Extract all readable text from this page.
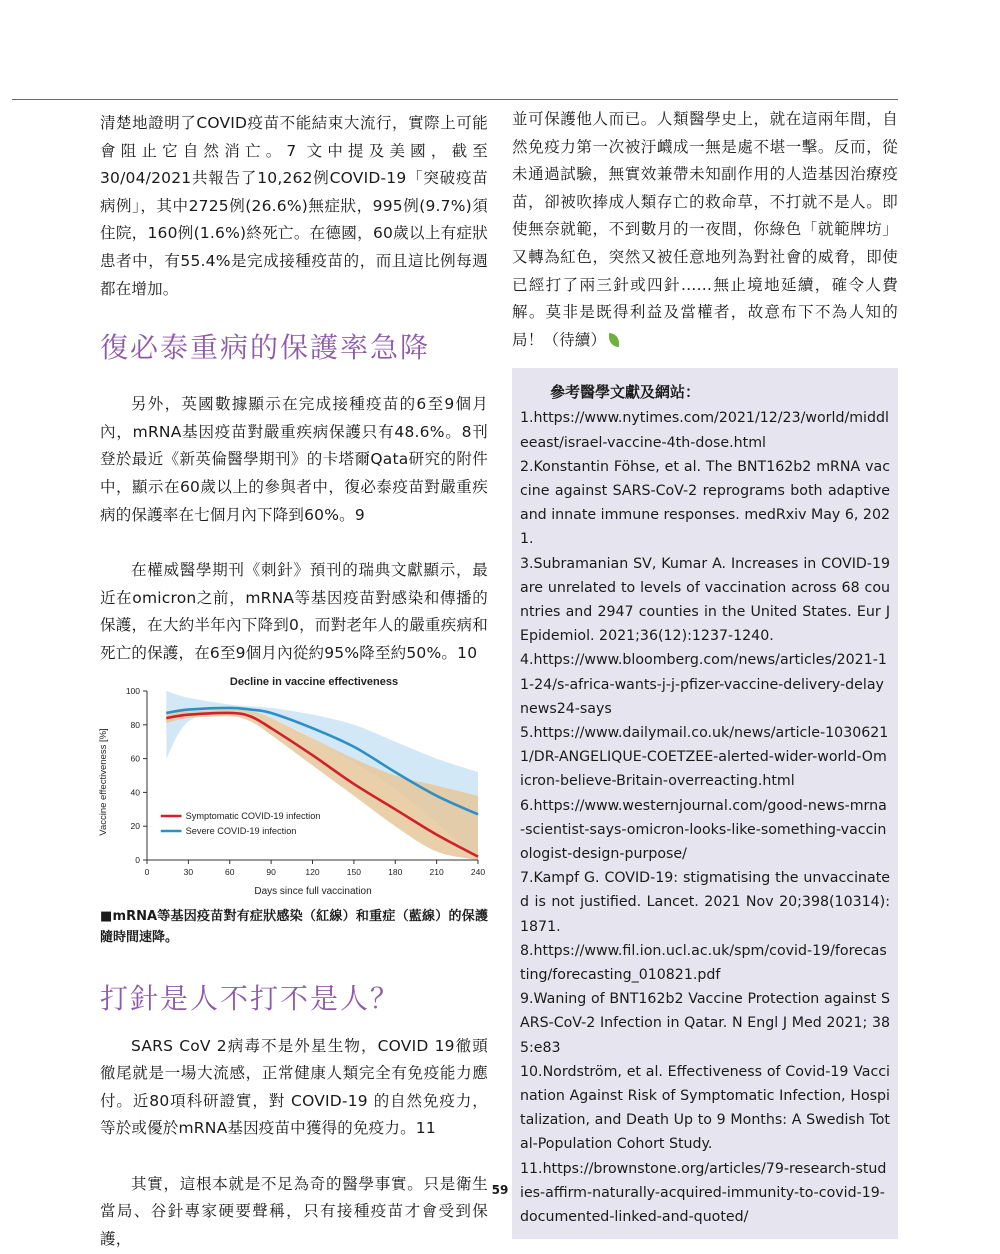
清楚地證明了COVID疫苗不能結束大流行，實際上可能會阻止它自然消亡。7 文中提及美國，截至30/04/2021共報告了10,262例COVID-19「突破疫苗病例」，其中2725例(26.6%)無症狀，995例(9.7%)須住院，160例(1.6%)終死亡。在德國，60歲以上有症狀患者中，有55.4%是完成接種疫苗的，而且這比例每週都在增加。

復必泰重病的保護率急降

另外，英國數據顯示在完成接種疫苗的6至9個月內，mRNA基因疫苗對嚴重疾病保護只有48.6%。8刊登於最近《新英倫醫學期刊》的卡塔爾Qata研究的附件中，顯示在60歲以上的參與者中，復必泰疫苗對嚴重疾病的保護率在七個月內下降到60%。9

在權威醫學期刊《刺針》預刊的瑞典文獻顯示，最近在omicron之前，mRNA等基因疫苗對感染和傳播的保護，在大約半年內下降到0，而對老年人的嚴重疾病和死亡的保護，在6至9個月內從約95%降至約50%。10

Decline in vaccine effectiveness
0
20
40
60
80
100
0	30	60	90	120	150	180	210	240
Symptomatic COVID-19 infection
Severe COVID-19 infection
Vaccine effectiveness [%]
Days since full vaccination
■mRNA等基因疫苗對有症狀感染（紅線）和重症（藍線）的保護隨時間速降。
打針是人不打不是人？

SARS CoV 2病毒不是外星生物，COVID 19徹頭徹尾就是一場大流感，正常健康人類完全有免疫能力應付。近80項科研證實，對 COVID-19 的自然免疫力，等於或優於mRNA基因疫苗中獲得的免疫力。11

其實，這根本就是不足為奇的醫學事實。只是衛生當局、谷針專家硬要聲稱，只有接種疫苗才會受到保護，

並可保護他人而已。人類醫學史上，就在這兩年間，自然免疫力第一次被汙衊成一無是處不堪一擊。反而，從未通過試驗，無實效兼帶未知副作用的人造基因治療疫苗，卻被吹捧成人類存亡的救命草，不打就不是人。即使無奈就範，不到數月的一夜間，你綠色「就範牌坊」又轉為紅色，突然又被任意地列為對社會的威脅，即使已經打了兩三針或四針……無止境地延續，確令人費解。莫非是既得利益及當權者，故意布下不為人知的局！（待續）

參考醫學文獻及網站：
1.https://www.nytimes.com/2021/12/23/world/middleeast/israel-vaccine-4th-dose.html
2.Konstantin Föhse, et al. The BNT162b2 mRNA vaccine against SARS-CoV-2 reprograms both adaptive and innate immune responses. medRxiv May 6, 2021.
3.Subramanian SV, Kumar A. Increases in COVID-19 are unrelated to levels of vaccination across 68 countries and 2947 counties in the United States. Eur J Epidemiol. 2021;36(12):1237-1240.
4.https://www.bloomberg.com/news/articles/2021-11-24/s-africa-wants-j-j-pfizer-vaccine-delivery-delaynews24-says
5.https://www.dailymail.co.uk/news/article-10306211/DR-ANGELIQUE-COETZEE-alerted-wider-world-Omicron-believe-Britain-overreacting.html
6.https://www.westernjournal.com/good-news-mrna-scientist-says-omicron-looks-like-something-vaccinologist-design-purpose/
7.Kampf G. COVID-19: stigmatising the unvaccinated is not justified. Lancet. 2021 Nov 20;398(10314):1871.
8.https://www.fil.ion.ucl.ac.uk/spm/covid-19/forecasting/forecasting_010821.pdf
9.Waning of BNT162b2 Vaccine Protection against SARS-CoV-2 Infection in Qatar. N Engl J Med 2021; 385:e83
10.Nordström, et al. Effectiveness of Covid-19 Vaccination Against Risk of Symptomatic Infection, Hospitalization, and Death Up to 9 Months: A Swedish Total-Population Cohort Study.
11.https://brownstone.org/articles/79-research-studies-affirm-naturally-acquired-immunity-to-covid-19-documented-linked-and-quoted/
59
